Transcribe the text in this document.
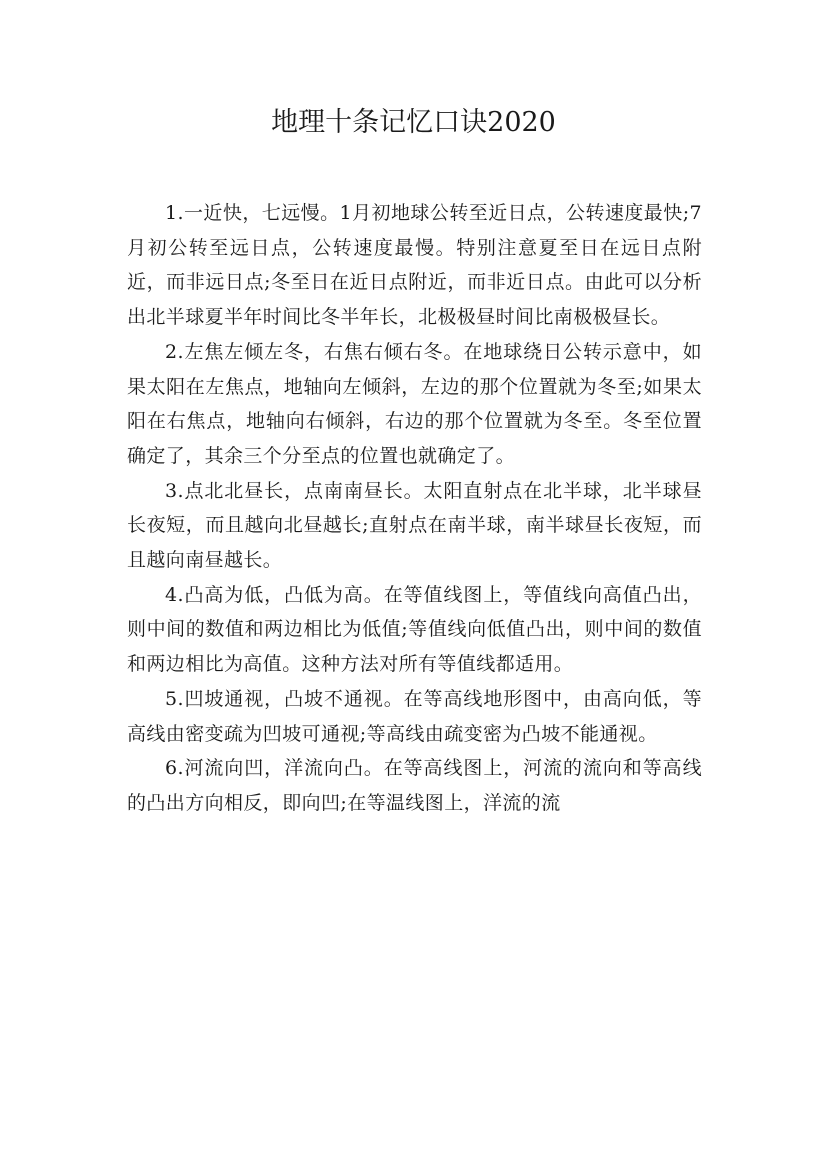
地理十条记忆口诀2020

1.一近快，七远慢。1月初地球公转至近日点，公转速度最快;7月初公转至远日点，公转速度最慢。特别注意夏至日在远日点附近，而非远日点;冬至日在近日点附近，而非近日点。由此可以分析出北半球夏半年时间比冬半年长，北极极昼时间比南极极昼长。

2.左焦左倾左冬，右焦右倾右冬。在地球绕日公转示意中，如果太阳在左焦点，地轴向左倾斜，左边的那个位置就为冬至;如果太阳在右焦点，地轴向右倾斜，右边的那个位置就为冬至。冬至位置确定了，其余三个分至点的位置也就确定了。

3.点北北昼长，点南南昼长。太阳直射点在北半球，北半球昼长夜短，而且越向北昼越长;直射点在南半球，南半球昼长夜短，而且越向南昼越长。

4.凸高为低，凸低为高。在等值线图上，等值线向高值凸出，则中间的数值和两边相比为低值;等值线向低值凸出，则中间的数值和两边相比为高值。这种方法对所有等值线都适用。

5.凹坡通视，凸坡不通视。在等高线地形图中，由高向低，等高线由密变疏为凹坡可通视;等高线由疏变密为凸坡不能通视。

6.河流向凹，洋流向凸。在等高线图上，河流的流向和等高线的凸出方向相反，即向凹;在等温线图上，洋流的流
